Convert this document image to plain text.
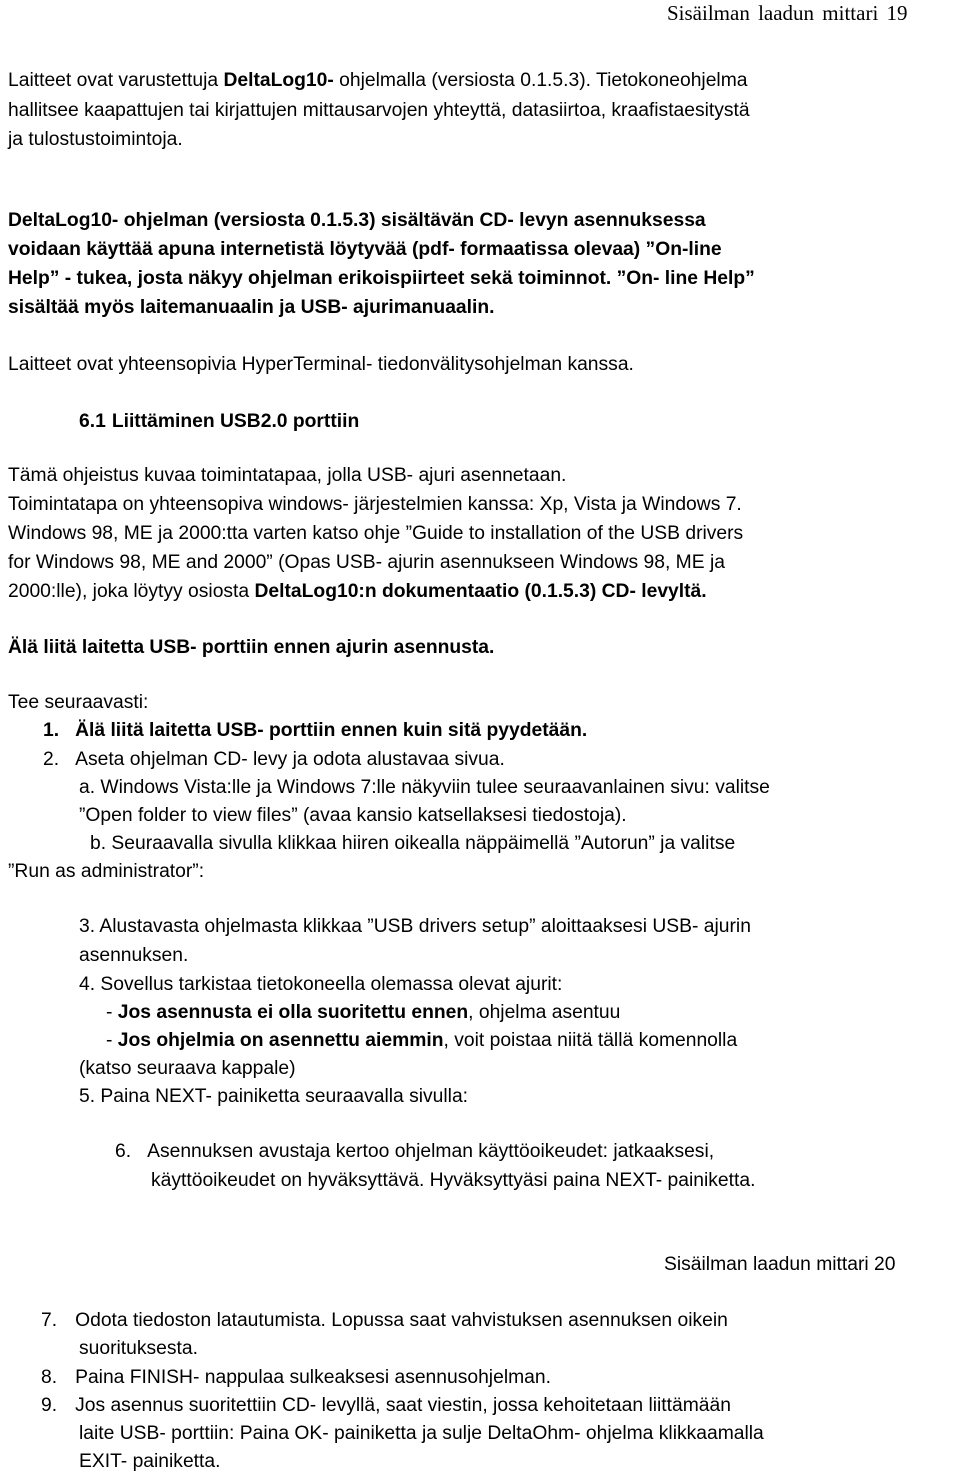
Sisäilman laadun mittari 19
Laitteet ovat varustettuja DeltaLog10- ohjelmalla (versiosta 0.1.5.3). Tietokoneohjelma
hallitsee kaapattujen tai kirjattujen mittausarvojen yhteyttä, datasiirtoa, kraafistaesitystä
ja tulostustoimintoja.
DeltaLog10- ohjelman (versiosta 0.1.5.3) sisältävän CD- levyn asennuksessa
voidaan käyttää apuna internetistä löytyvää (pdf- formaatissa olevaa) ”On-line
Help” - tukea, josta näkyy ohjelman erikoispiirteet sekä toiminnot. ”On- line Help”
sisältää myös laitemanuaalin ja USB- ajurimanuaalin.
Laitteet ovat yhteensopivia HyperTerminal- tiedonvälitysohjelman kanssa.
6.1 Liittäminen USB2.0 porttiin
Tämä ohjeistus kuvaa toimintatapaa, jolla USB- ajuri asennetaan.
Toimintatapa on yhteensopiva windows- järjestelmien kanssa: Xp, Vista ja Windows 7.
Windows 98, ME ja 2000:tta varten katso ohje ”Guide to installation of the USB drivers
for Windows 98, ME and 2000” (Opas USB- ajurin asennukseen Windows 98, ME ja
2000:lle), joka löytyy osiosta DeltaLog10:n dokumentaatio (0.1.5.3) CD- levyltä.
Älä liitä laitetta USB- porttiin ennen ajurin asennusta.
Tee seuraavasti:
1. Älä liitä laitetta USB- porttiin ennen kuin sitä pyydetään.
2. Aseta ohjelman CD- levy ja odota alustavaa sivua.
a. Windows Vista:lle ja Windows 7:lle näkyviin tulee seuraavanlainen sivu: valitse
”Open folder to view files” (avaa kansio katsellaksesi tiedostoja).
b. Seuraavalla sivulla klikkaa hiiren oikealla näppäimellä ”Autorun” ja valitse
”Run as administrator”:
3. Alustavasta ohjelmasta klikkaa ”USB drivers setup” aloittaaksesi USB- ajurin
asennuksen.
4. Sovellus tarkistaa tietokoneella olemassa olevat ajurit:
- Jos asennusta ei olla suoritettu ennen, ohjelma asentuu
- Jos ohjelmia on asennettu aiemmin, voit poistaa niitä tällä komennolla
(katso seuraava kappale)
5. Paina NEXT- painiketta seuraavalla sivulla:
6. Asennuksen avustaja kertoo ohjelman käyttöoikeudet: jatkaaksesi,
käyttöoikeudet on hyväksyttävä. Hyväksyttyäsi paina NEXT- painiketta.
Sisäilman laadun mittari 20
7. Odota tiedoston latautumista. Lopussa saat vahvistuksen asennuksen oikein
suorituksesta.
8. Paina FINISH- nappulaa sulkeaksesi asennusohjelman.
9. Jos asennus suoritettiin CD- levyllä, saat viestin, jossa kehoitetaan liittämään
laite USB- porttiin: Paina OK- painiketta ja sulje DeltaOhm- ohjelma klikkaamalla
EXIT- painiketta.
